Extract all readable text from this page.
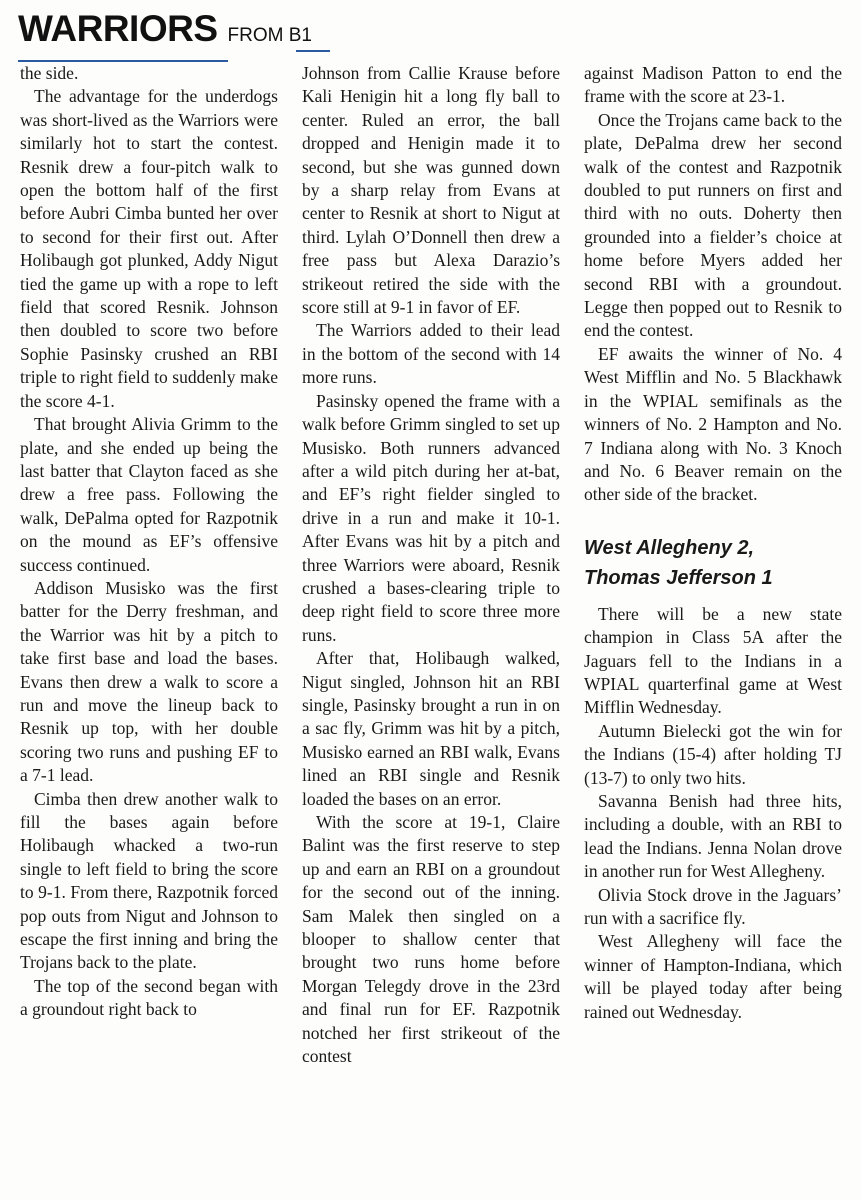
WARRIORS FROM B1

the side.

The advantage for the underdogs was short-lived as the Warriors were similarly hot to start the contest. Resnik drew a four-pitch walk to open the bottom half of the first before Aubri Cimba bunted her over to second for their first out. After Holibaugh got plunked, Addy Nigut tied the game up with a rope to left field that scored Resnik. Johnson then doubled to score two before Sophie Pasinsky crushed an RBI triple to right field to suddenly make the score 4-1.

That brought Alivia Grimm to the plate, and she ended up being the last batter that Clayton faced as she drew a free pass. Following the walk, DePalma opted for Razpotnik on the mound as EF’s offensive success continued.

Addison Musisko was the first batter for the Derry freshman, and the Warrior was hit by a pitch to take first base and load the bases. Evans then drew a walk to score a run and move the lineup back to Resnik up top, with her double scoring two runs and pushing EF to a 7-1 lead.

Cimba then drew another walk to fill the bases again before Holibaugh whacked a two-run single to left field to bring the score to 9-1. From there, Razpotnik forced pop outs from Nigut and Johnson to escape the first inning and bring the Trojans back to the plate.

The top of the second began with a groundout right back to

Johnson from Callie Krause before Kali Henigin hit a long fly ball to center. Ruled an error, the ball dropped and Henigin made it to second, but she was gunned down by a sharp relay from Evans at center to Resnik at short to Nigut at third. Lylah O’Donnell then drew a free pass but Alexa Darazio’s strikeout retired the side with the score still at 9-1 in favor of EF.

The Warriors added to their lead in the bottom of the second with 14 more runs.

Pasinsky opened the frame with a walk before Grimm singled to set up Musisko. Both runners advanced after a wild pitch during her at-bat, and EF’s right fielder singled to drive in a run and make it 10-1. After Evans was hit by a pitch and three Warriors were aboard, Resnik crushed a bases-clearing triple to deep right field to score three more runs.

After that, Holibaugh walked, Nigut singled, Johnson hit an RBI single, Pasinsky brought a run in on a sac fly, Grimm was hit by a pitch, Musisko earned an RBI walk, Evans lined an RBI single and Resnik loaded the bases on an error.

With the score at 19-1, Claire Balint was the first reserve to step up and earn an RBI on a groundout for the second out of the inning. Sam Malek then singled on a blooper to shallow center that brought two runs home before Morgan Telegdy drove in the 23rd and final run for EF. Razpotnik notched her first strikeout of the contest

against Madison Patton to end the frame with the score at 23-1.

Once the Trojans came back to the plate, DePalma drew her second walk of the contest and Razpotnik doubled to put runners on first and third with no outs. Doherty then grounded into a fielder’s choice at home before Myers added her second RBI with a groundout. Legge then popped out to Resnik to end the contest.

EF awaits the winner of No. 4 West Mifflin and No. 5 Blackhawk in the WPIAL semifinals as the winners of No. 2 Hampton and No. 7 Indiana along with No. 3 Knoch and No. 6 Beaver remain on the other side of the bracket.

West Allegheny 2,
Thomas Jefferson 1

There will be a new state champion in Class 5A after the Jaguars fell to the Indians in a WPIAL quarterfinal game at West Mifflin Wednesday.

Autumn Bielecki got the win for the Indians (15-4) after holding TJ (13-7) to only two hits.

Savanna Benish had three hits, including a double, with an RBI to lead the Indians. Jenna Nolan drove in another run for West Allegheny.

Olivia Stock drove in the Jaguars’ run with a sacrifice fly.

West Allegheny will face the winner of Hampton-Indiana, which will be played today after being rained out Wednesday.
